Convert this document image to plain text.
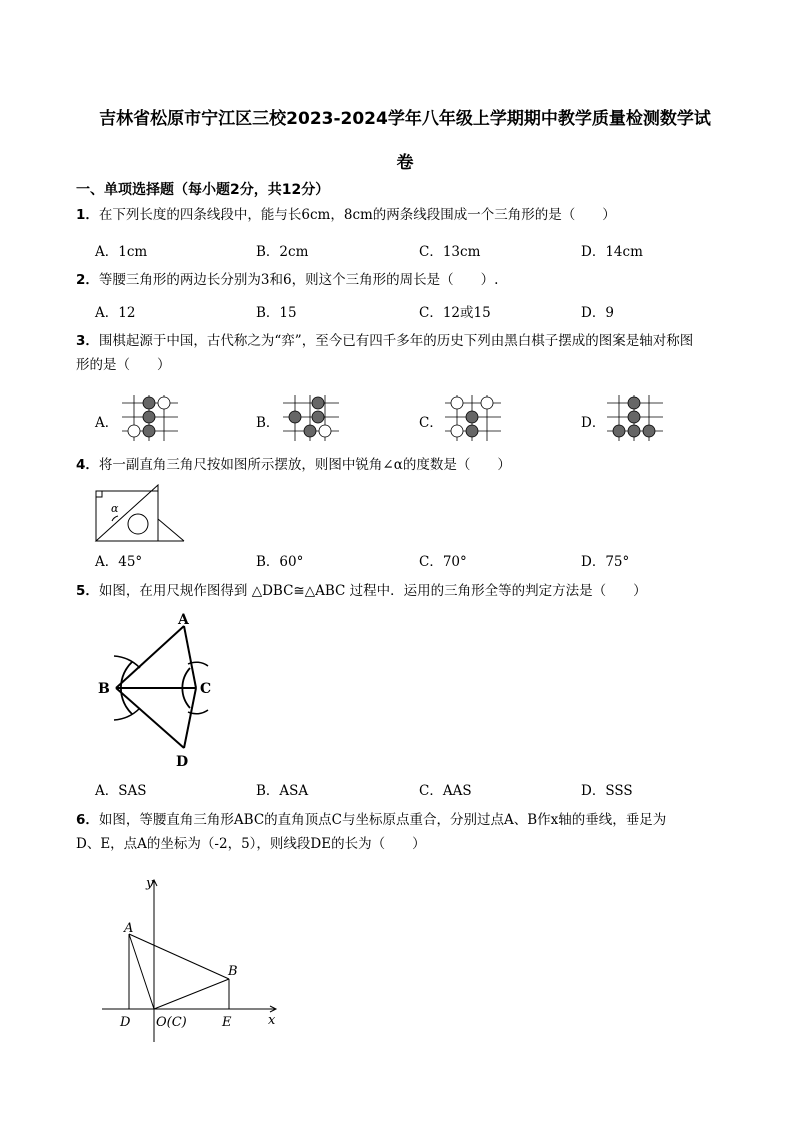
吉林省松原市宁江区三校2023-2024学年八年级上学期期中教学质量检测数学试
卷
一、单项选择题（每小题2分，共12分）
1．在下列长度的四条线段中，能与长6cm，8cm的两条线段围成一个三角形的是（　　）
A．1cm	B．2cm	C．13cm	D．14cm
2．等腰三角形的两边长分别为3和6，则这个三角形的周长是（　　）.
A．12	B．15	C．12或15	D．9
3．围棋起源于中国，古代称之为“弈”，至今已有四千多年的历史下列由黑白棋子摆成的图案是轴对称图
形的是（　　）
A．	B．	C．	D．
4．将一副直角三角尺按如图所示摆放，则图中锐角∠α的度数是（　　）
α
A．45°	B．60°	C．70°	D．75°
5．如图，在用尺规作图得到 △DBC≅△ABC 过程中．运用的三角形全等的判定方法是（　　）
A
B	C
D
A．SAS	B．ASA	C．AAS	D．SSS
6．如图，等腰直角三角形ABC的直角顶点C与坐标原点重合，分别过点A、B作x轴的垂线，垂足为
D、E，点A的坐标为（-2，5），则线段DE的长为（　　）
y
x
A
B
D O(C)	E
